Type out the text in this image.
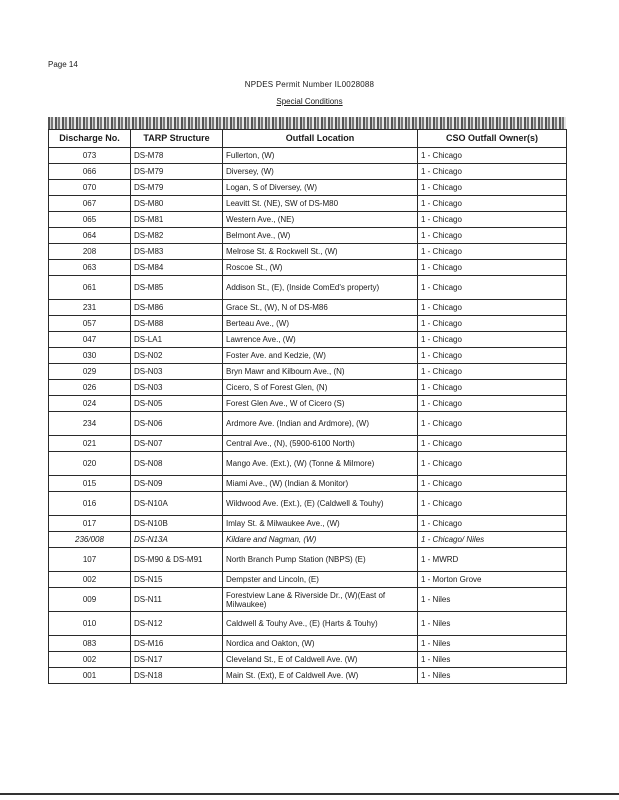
Page 14
NPDES Permit Number IL0028088
Special Conditions
Discharge No.	TARP Structure	Outfall Location	CSO Outfall Owner(s)
073	DS-M78	Fullerton, (W)	1 - Chicago
066	DS-M79	Diversey, (W)	1 - Chicago
070	DS-M79	Logan, S of Diversey, (W)	1 - Chicago
067	DS-M80	Leavitt St. (NE), SW of DS-M80	1 - Chicago
065	DS-M81	Western Ave., (NE)	1 - Chicago
064	DS-M82	Belmont Ave., (W)	1 - Chicago
208	DS-M83	Melrose St. & Rockwell St., (W)	1 - Chicago
063	DS-M84	Roscoe St., (W)	1 - Chicago
061	DS-M85	Addison St., (E), (Inside ComEd's property)	1 - Chicago
231	DS-M86	Grace St., (W), N of DS-M86	1 - Chicago
057	DS-M88	Berteau Ave., (W)	1 - Chicago
047	DS-LA1	Lawrence Ave., (W)	1 - Chicago
030	DS-N02	Foster Ave. and Kedzie, (W)	1 - Chicago
029	DS-N03	Bryn Mawr and Kilbourn Ave., (N)	1 - Chicago
026	DS-N03	Cicero, S of Forest Glen, (N)	1 - Chicago
024	DS-N05	Forest Glen Ave., W of Cicero (S)	1 - Chicago
234	DS-N06	Ardmore Ave. (Indian and Ardmore), (W)	1 - Chicago
021	DS-N07	Central Ave., (N), (5900-6100 North)	1 - Chicago
020	DS-N08	Mango Ave. (Ext.), (W) (Tonne & Milmore)	1 - Chicago
015	DS-N09	Miami Ave., (W) (Indian & Monitor)	1 - Chicago
016	DS-N10A	Wildwood Ave. (Ext.), (E) (Caldwell & Touhy)	1 - Chicago
017	DS-N10B	Imlay St. & Milwaukee Ave., (W)	1 - Chicago
236/008	DS-N13A	Kildare and Nagman, (W)	1 - Chicago/ Niles
107	DS-M90 & DS-M91	North Branch Pump Station (NBPS) (E)	1 - MWRD
002	DS-N15	Dempster and Lincoln, (E)	1 - Morton Grove
009	DS-N11	Forestview Lane & Riverside Dr., (W)(East of Milwaukee)	1 - Niles
010	DS-N12	Caldwell & Touhy Ave., (E) (Harts & Touhy)	1 - Niles
083	DS-M16	Nordica and Oakton, (W)	1 - Niles
002	DS-N17	Cleveland St., E of Caldwell Ave. (W)	1 - Niles
001	DS-N18	Main St. (Ext), E of Caldwell Ave. (W)	1 - Niles
